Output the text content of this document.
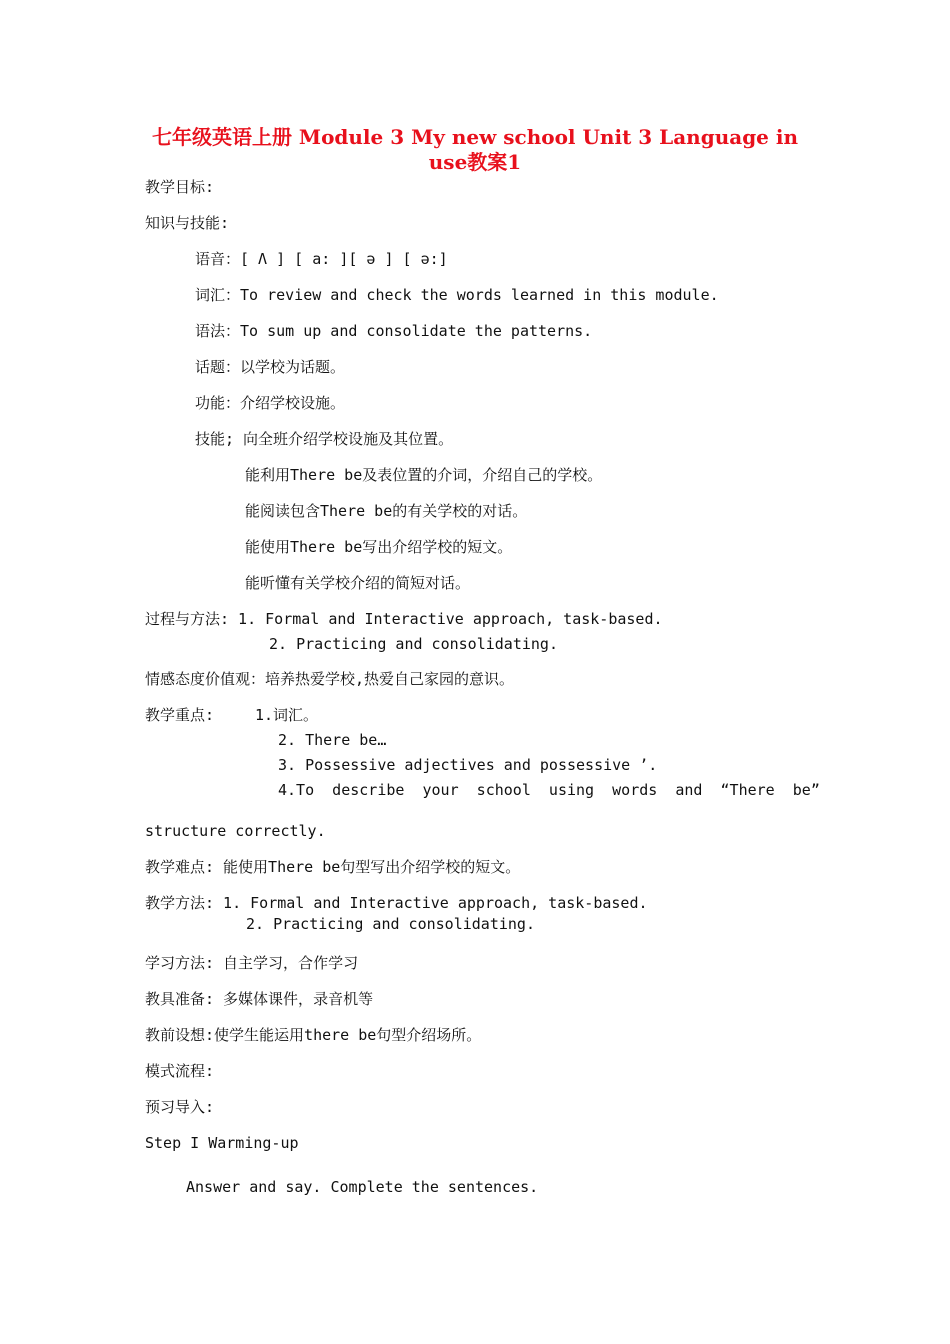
七年级英语上册 Module 3 My new school Unit 3 Language in
use教案1
教学目标:
知识与技能:
语音：[ Λ ] [ a: ][ ə ] [ ə:]
词汇：To review and check the words learned in this module.
语法：To sum up and consolidate the patterns.
话题：以学校为话题。
功能：介绍学校设施。
技能; 向全班介绍学校设施及其位置。
能利用There be及表位置的介词，介绍自己的学校。
能阅读包含There be的有关学校的对话。
能使用There be写出介绍学校的短文。
能听懂有关学校介绍的简短对话。
过程与方法: 1. Formal and Interactive approach, task-based.
2. Practicing and consolidating.
情感态度价值观：培养热爱学校,热爱自己家园的意识。
教学重点:	1.词汇。
2. There be…
3. Possessive adjectives and possessive ’.
4.To  describe  your  school  using  words  and  “There  be”
structure correctly.
教学难点: 能使用There be句型写出介绍学校的短文。
教学方法: 1. Formal and Interactive approach, task-based.
2. Practicing and consolidating.
学习方法: 自主学习，合作学习
教具准备: 多媒体课件，录音机等
教前设想:使学生能运用there be句型介绍场所。
模式流程:
预习导入:
Step I Warming-up
Answer and say. Complete the sentences.
